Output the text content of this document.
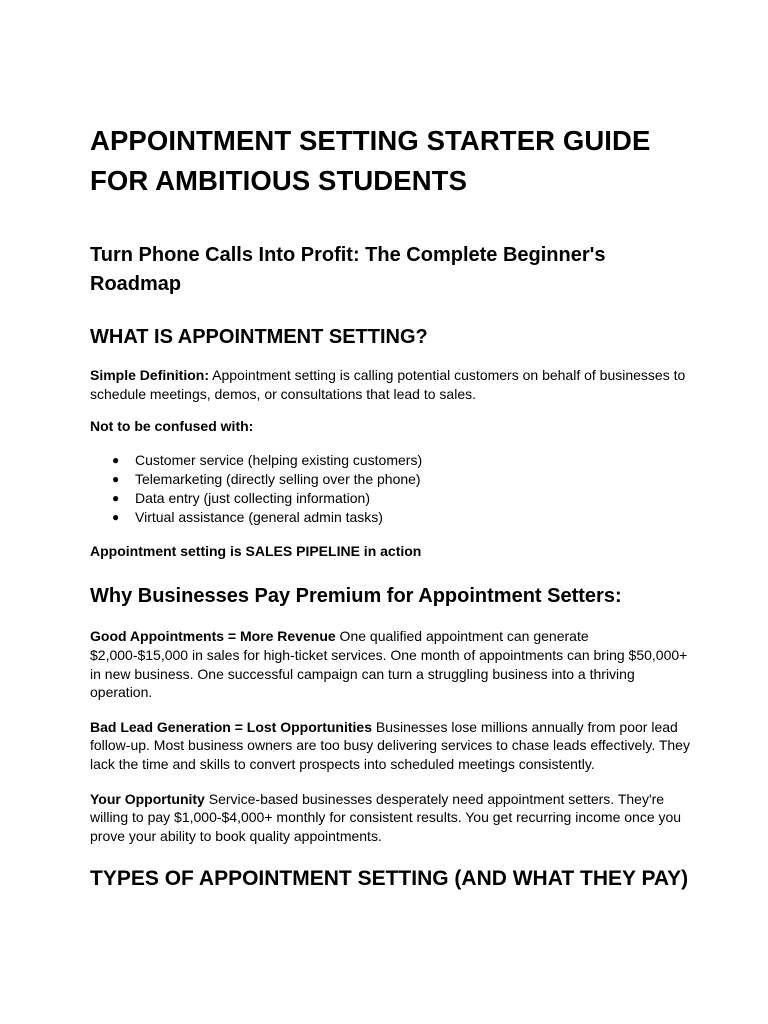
APPOINTMENT SETTING STARTER GUIDE FOR AMBITIOUS STUDENTS
Turn Phone Calls Into Profit: The Complete Beginner's Roadmap
WHAT IS APPOINTMENT SETTING?

Simple Definition: Appointment setting is calling potential customers on behalf of businesses to schedule meetings, demos, or consultations that lead to sales.

Not to be confused with:

● Customer service (helping existing customers)
● Telemarketing (directly selling over the phone)
● Data entry (just collecting information)
● Virtual assistance (general admin tasks)

Appointment setting is SALES PIPELINE in action

Why Businesses Pay Premium for Appointment Setters:

Good Appointments = More Revenue One qualified appointment can generate $2,000-$15,000 in sales for high-ticket services. One month of appointments can bring $50,000+ in new business. One successful campaign can turn a struggling business into a thriving operation.

Bad Lead Generation = Lost Opportunities Businesses lose millions annually from poor lead follow-up. Most business owners are too busy delivering services to chase leads effectively. They lack the time and skills to convert prospects into scheduled meetings consistently.

Your Opportunity Service-based businesses desperately need appointment setters. They're willing to pay $1,000-$4,000+ monthly for consistent results. You get recurring income once you prove your ability to book quality appointments.

TYPES OF APPOINTMENT SETTING (AND WHAT THEY PAY)
